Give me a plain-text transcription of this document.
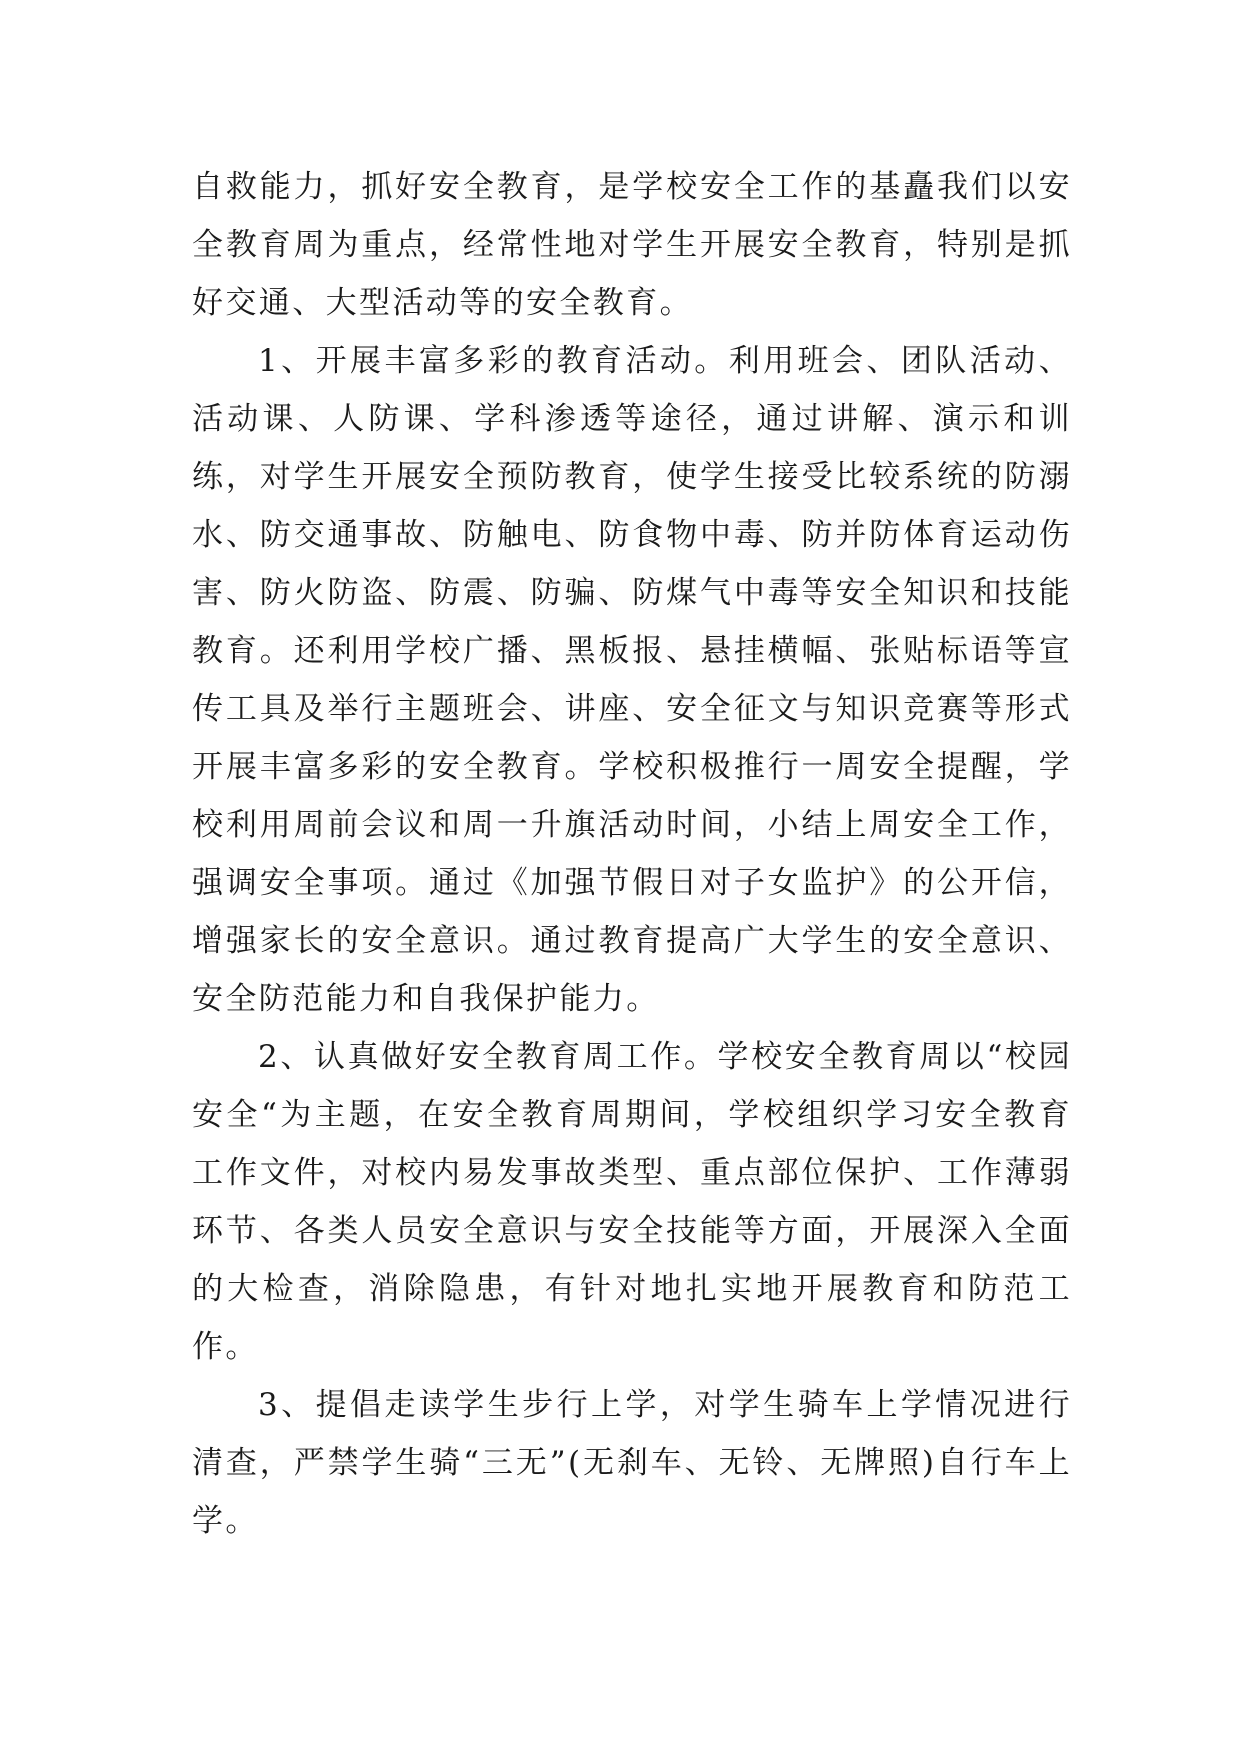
自救能力，抓好安全教育，是学校安全工作的基矗我们以安全教育周为重点，经常性地对学生开展安全教育，特别是抓好交通、大型活动等的安全教育。

1、开展丰富多彩的教育活动。利用班会、团队活动、活动课、人防课、学科渗透等途径，通过讲解、演示和训练，对学生开展安全预防教育，使学生接受比较系统的防溺水、防交通事故、防触电、防食物中毒、防并防体育运动伤害、防火防盗、防震、防骗、防煤气中毒等安全知识和技能教育。还利用学校广播、黑板报、悬挂横幅、张贴标语等宣传工具及举行主题班会、讲座、安全征文与知识竞赛等形式开展丰富多彩的安全教育。学校积极推行一周安全提醒，学校利用周前会议和周一升旗活动时间，小结上周安全工作，强调安全事项。通过《加强节假日对子女监护》的公开信，增强家长的安全意识。通过教育提高广大学生的安全意识、安全防范能力和自我保护能力。

2、认真做好安全教育周工作。学校安全教育周以“校园安全“为主题，在安全教育周期间，学校组织学习安全教育工作文件，对校内易发事故类型、重点部位保护、工作薄弱环节、各类人员安全意识与安全技能等方面，开展深入全面的大检查，消除隐患，有针对地扎实地开展教育和防范工作。

3、提倡走读学生步行上学，对学生骑车上学情况进行清查，严禁学生骑“三无”(无刹车、无铃、无牌照)自行车上学。
